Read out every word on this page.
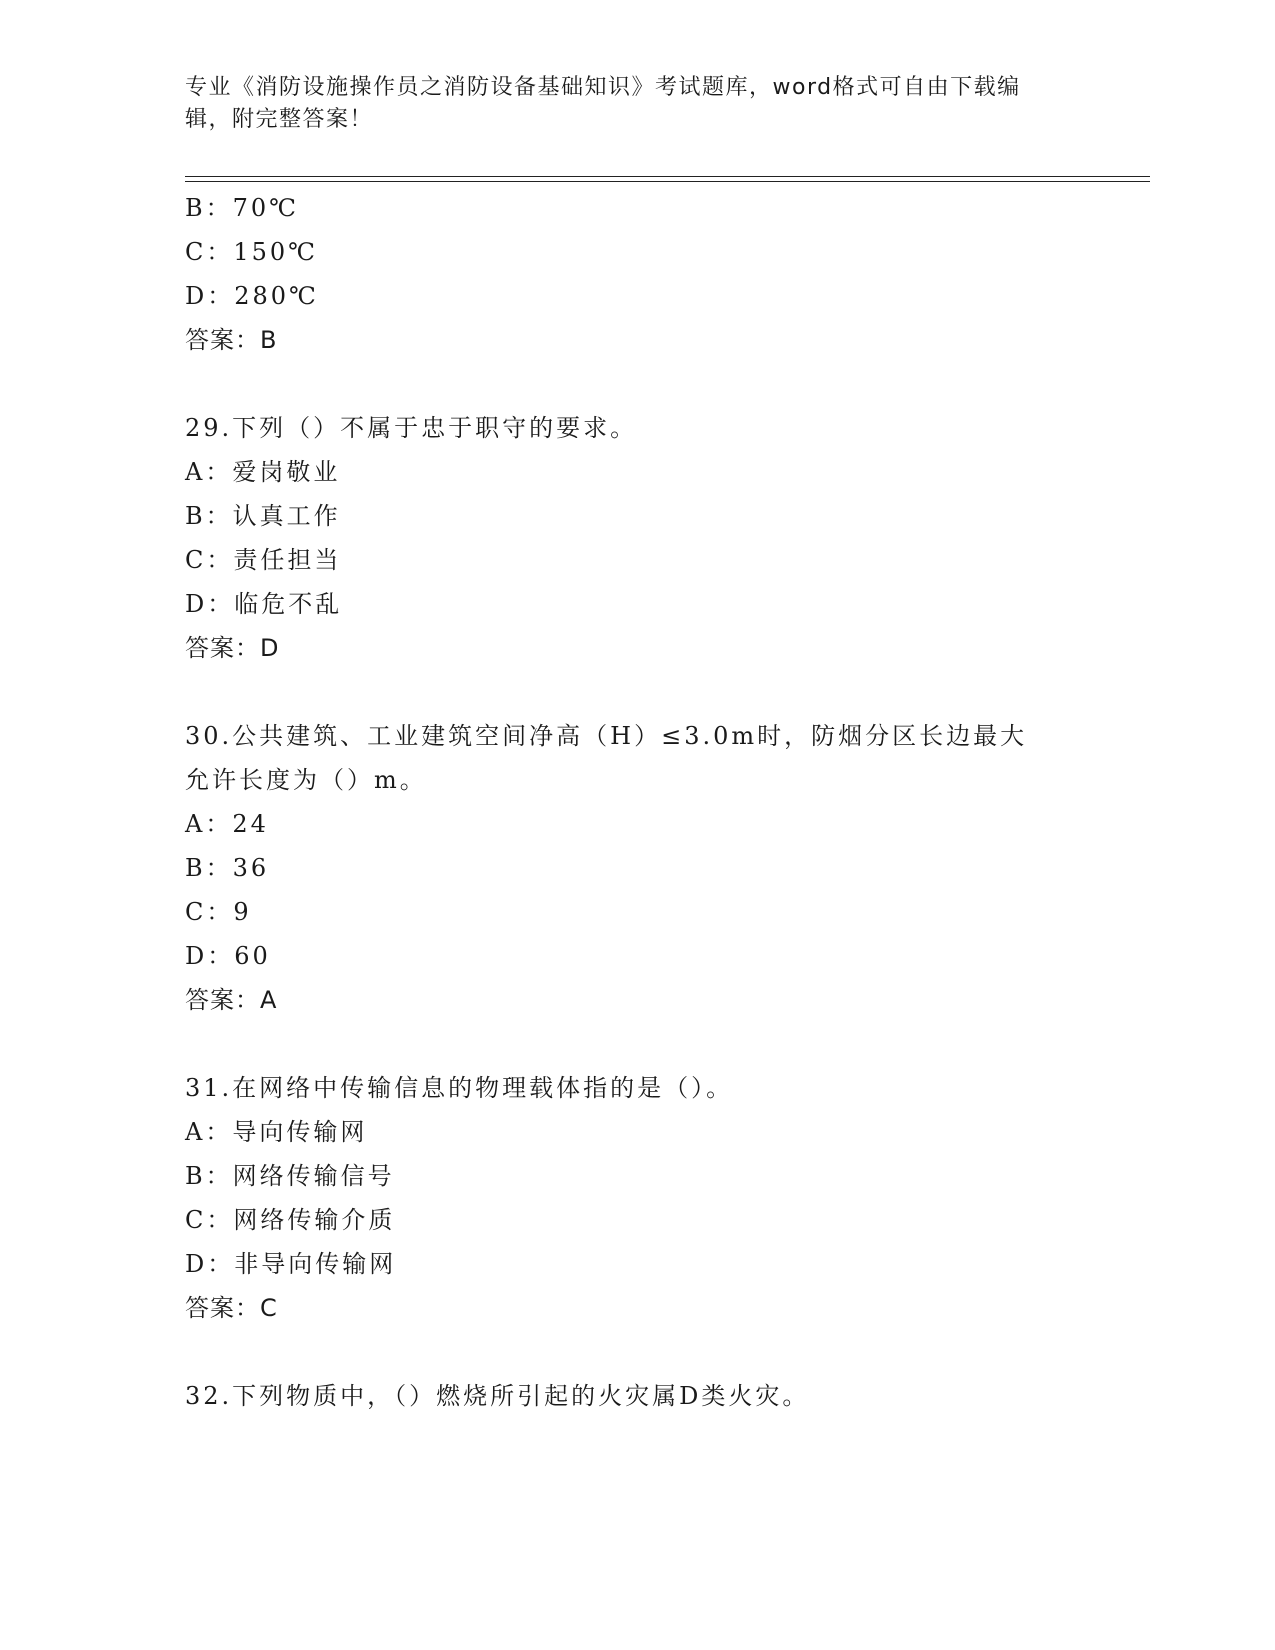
专业《消防设施操作员之消防设备基础知识》考试题库，word格式可自由下载编
辑，附完整答案！
B：70℃
C：150℃
D：280℃
答案：B
29.下列（）不属于忠于职守的要求。
A：爱岗敬业
B：认真工作
C：责任担当
D：临危不乱
答案：D
30.公共建筑、工业建筑空间净高（H）≤3.0m时，防烟分区长边最大
允许长度为（）m。
A：24
B：36
C：9
D：60
答案：A
31.在网络中传输信息的物理载体指的是（）。
A：导向传输网
B：网络传输信号
C：网络传输介质
D：非导向传输网
答案：C
32.下列物质中，（）燃烧所引起的火灾属D类火灾。
